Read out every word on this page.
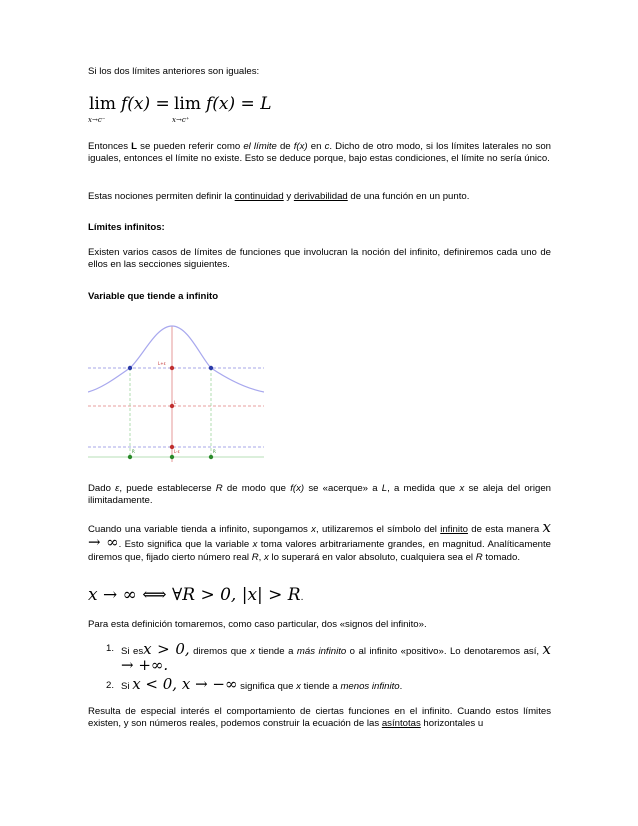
Si los dos límites anteriores son iguales:

lim
x→c⁻
f(x) = lim
x→c⁺
f(x) = L

Entonces L se pueden referir como el límite de f(x) en c. Dicho de otro modo, si los límites laterales no son iguales, entonces el límite no existe. Esto se deduce porque, bajo estas condiciones, el límite no sería único.

Estas nociones permiten definir la continuidad y derivabilidad de una función en un punto.

Límites infinitos:

Existen varios casos de límites de funciones que involucran la noción del infinito, definiremos cada uno de ellos en las secciones siguientes.

Variable que tiende a infinito

L+ε
L
L-ε
R	R

Dado ε, puede establecerse R de modo que f(x) se «acerque» a L, a medida que x se aleja del origen ilimitadamente.

Cuando una variable tienda a infinito, supongamos x, utilizaremos el símbolo del infinito de esta manera x → ∞. Esto significa que la variable x toma valores arbitrariamente grandes, en magnitud. Analíticamente diremos que, fijado cierto número real R, x lo superará en valor absoluto, cualquiera sea el R tomado.

x → ∞ ⟺ ∀R > 0, |x| > R.

Para esta definición tomaremos, como caso particular, dos «signos del infinito».

1. Si esx > 0, diremos que x tiende a más infinito o al infinito «positivo». Lo denotaremos así, x → +∞.

2. Si x < 0, x → −∞ significa que x tiende a menos infinito.

Resulta de especial interés el comportamiento de ciertas funciones en el infinito. Cuando estos límites existen, y son números reales, podemos construir la ecuación de las asíntotas horizontales u
